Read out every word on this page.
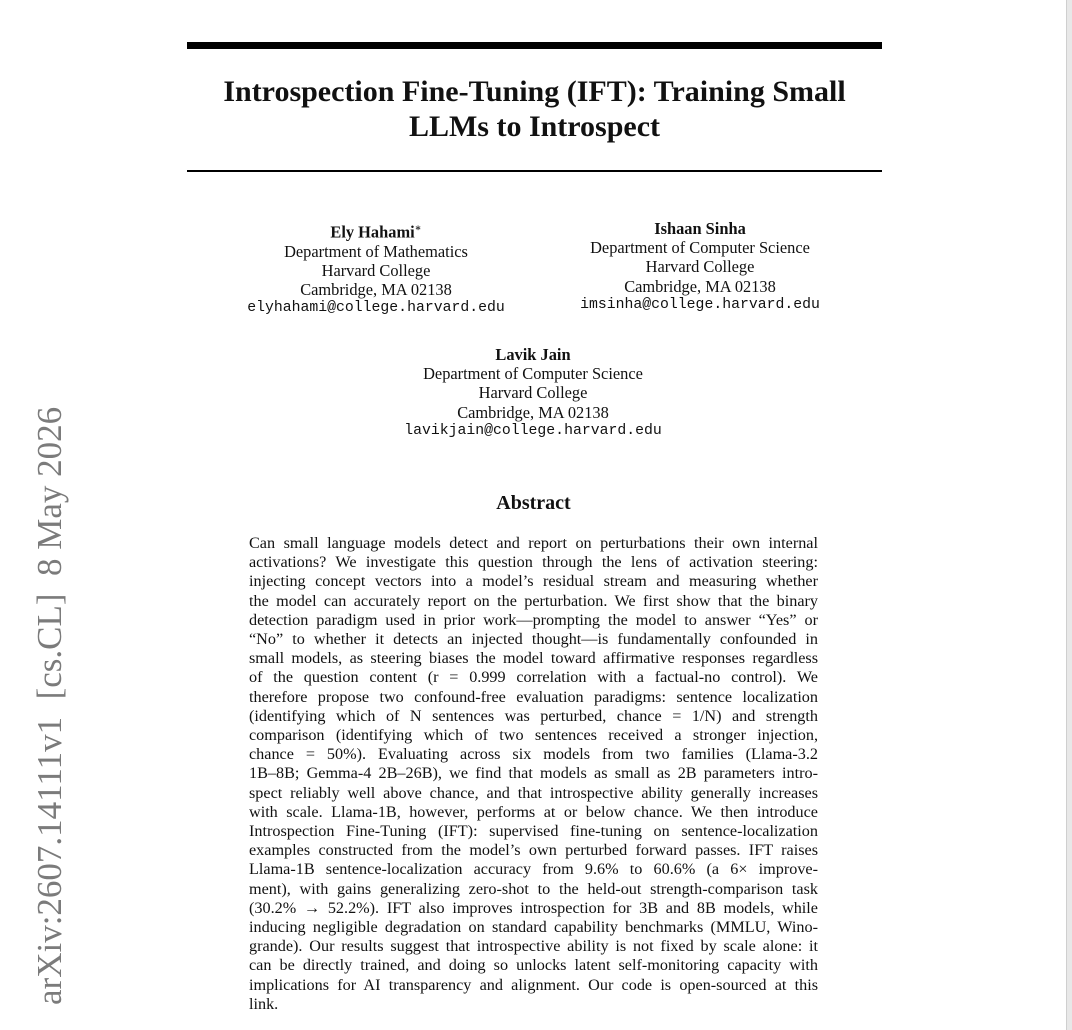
arXiv:2607.14111v1  [cs.CL]  8 May 2026
Introspection Fine-Tuning (IFT): Training Small
LLMs to Introspect
Ely Hahami∗
Department of Mathematics
Harvard College
Cambridge, MA 02138
elyhahami@college.harvard.edu
Ishaan Sinha
Department of Computer Science
Harvard College
Cambridge, MA 02138
imsinha@college.harvard.edu
Lavik Jain
Department of Computer Science
Harvard College
Cambridge, MA 02138
lavikjain@college.harvard.edu
Abstract
Can small language models detect and report on perturbations their own internal
activations? We investigate this question through the lens of activation steering:
injecting concept vectors into a model’s residual stream and measuring whether
the model can accurately report on the perturbation. We first show that the binary
detection paradigm used in prior work—prompting the model to answer “Yes” or
“No” to whether it detects an injected thought—is fundamentally confounded in
small models, as steering biases the model toward affirmative responses regardless
of the question content (r = 0.999 correlation with a factual-no control). We
therefore propose two confound-free evaluation paradigms: sentence localization
(identifying which of N sentences was perturbed, chance = 1/N) and strength
comparison (identifying which of two sentences received a stronger injection,
chance = 50%). Evaluating across six models from two families (Llama-3.2
1B–8B; Gemma-4 2B–26B), we find that models as small as 2B parameters intro-
spect reliably well above chance, and that introspective ability generally increases
with scale. Llama-1B, however, performs at or below chance. We then introduce
Introspection Fine-Tuning (IFT): supervised fine-tuning on sentence-localization
examples constructed from the model’s own perturbed forward passes. IFT raises
Llama-1B sentence-localization accuracy from 9.6% to 60.6% (a 6× improve-
ment), with gains generalizing zero-shot to the held-out strength-comparison task
(30.2% → 52.2%). IFT also improves introspection for 3B and 8B models, while
inducing negligible degradation on standard capability benchmarks (MMLU, Wino-
grande). Our results suggest that introspective ability is not fixed by scale alone: it
can be directly trained, and doing so unlocks latent self-monitoring capacity with
implications for AI transparency and alignment. Our code is open-sourced at this
link.
